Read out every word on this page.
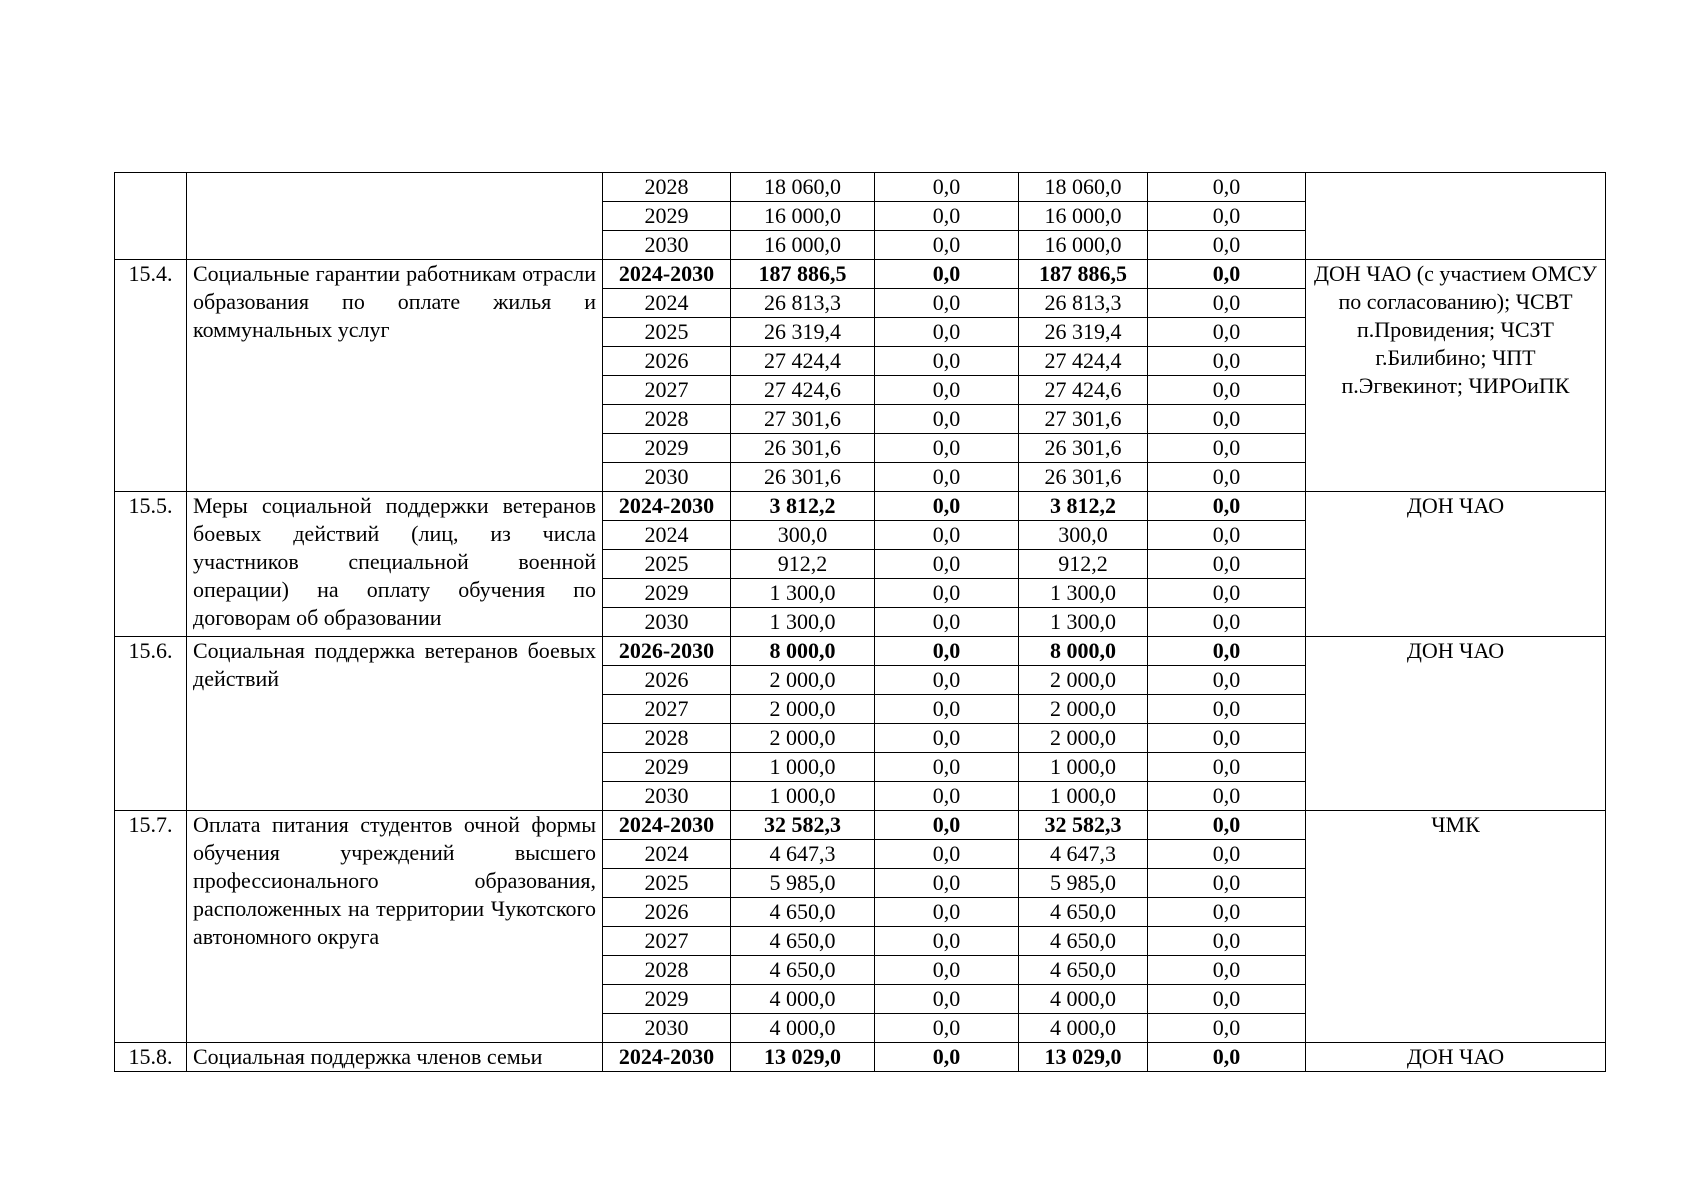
		2028	18 060,0	0,0	18 060,0	0,0	
		2029	16 000,0	0,0	16 000,0	0,0	
		2030	16 000,0	0,0	16 000,0	0,0	
15.4.	Социальные гарантии работникам отрасли образования по оплате жилья и коммунальных услуг	2024-2030	187 886,5	0,0	187 886,5	0,0	ДОН ЧАО (с участием ОМСУ по согласованию); ЧСВТ п.Провидения; ЧСЗТ г.Билибино; ЧПТ п.Эгвекинот; ЧИРОиПК
		2024	26 813,3	0,0	26 813,3	0,0	
		2025	26 319,4	0,0	26 319,4	0,0	
		2026	27 424,4	0,0	27 424,4	0,0	
		2027	27 424,6	0,0	27 424,6	0,0	
		2028	27 301,6	0,0	27 301,6	0,0	
		2029	26 301,6	0,0	26 301,6	0,0	
		2030	26 301,6	0,0	26 301,6	0,0	
15.5.	Меры социальной поддержки ветеранов боевых действий (лиц, из числа участников специальной военной операции) на оплату обучения по договорам об образовании	2024-2030	3 812,2	0,0	3 812,2	0,0	ДОН ЧАО
		2024	300,0	0,0	300,0	0,0	
		2025	912,2	0,0	912,2	0,0	
		2029	1 300,0	0,0	1 300,0	0,0	
		2030	1 300,0	0,0	1 300,0	0,0	
15.6.	Социальная поддержка ветеранов боевых действий	2026-2030	8 000,0	0,0	8 000,0	0,0	ДОН ЧАО
		2026	2 000,0	0,0	2 000,0	0,0	
		2027	2 000,0	0,0	2 000,0	0,0	
		2028	2 000,0	0,0	2 000,0	0,0	
		2029	1 000,0	0,0	1 000,0	0,0	
		2030	1 000,0	0,0	1 000,0	0,0	
15.7.	Оплата питания студентов очной формы обучения учреждений высшего профессионального образования, расположенных на территории Чукотского автономного округа	2024-2030	32 582,3	0,0	32 582,3	0,0	ЧМК
		2024	4 647,3	0,0	4 647,3	0,0	
		2025	5 985,0	0,0	5 985,0	0,0	
		2026	4 650,0	0,0	4 650,0	0,0	
		2027	4 650,0	0,0	4 650,0	0,0	
		2028	4 650,0	0,0	4 650,0	0,0	
		2029	4 000,0	0,0	4 000,0	0,0	
		2030	4 000,0	0,0	4 000,0	0,0	
15.8.	Социальная поддержка членов семьи	2024-2030	13 029,0	0,0	13 029,0	0,0	ДОН ЧАО
